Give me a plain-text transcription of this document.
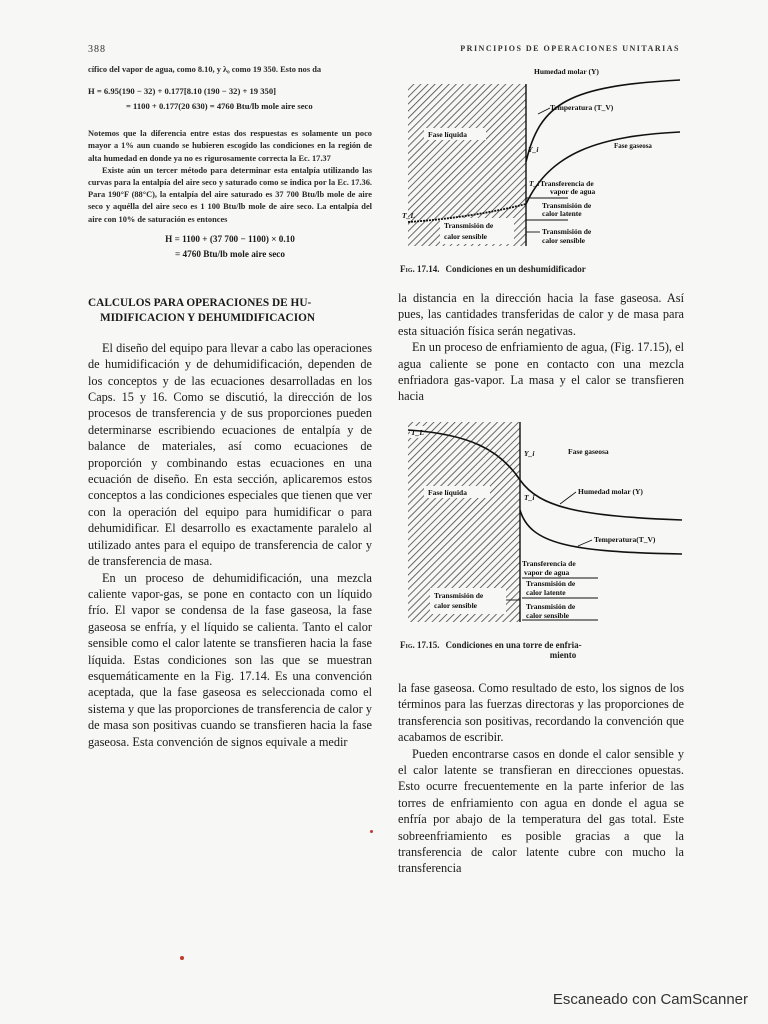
388	PRINCIPIOS DE OPERACIONES UNITARIAS

cífico del vapor de agua, como 8.10, y λ₀ como 19 350. Esto nos da

H = 6.95(190 − 32) + 0.177[8.10 (190 − 32) + 19 350]
= 1100 + 0.177(20 630) = 4760 Btu/lb mole aire seco

Notemos que la diferencia entre estas dos respuestas es solamente un poco mayor a 1% aun cuando se hubieren escogido las condiciones en la región de alta humedad en donde ya no es rigurosamente correcta la Ec. 17.37

Existe aún un tercer método para determinar esta entalpía utilizando las curvas para la entalpía del aire seco y saturado como se indica por la Ec. 17.36. Para 190°F (88°C), la entalpía del aire saturado es 37 700 Btu/lb mole de aire seco y aquélla del aire seco es 1 100 Btu/lb mole de aire seco. La entalpía del aire con 10% de saturación es entonces

H = 1100 + (37 700 − 1100) × 0.10
= 4760 Btu/lb mole aire seco
CALCULOS PARA OPERACIONES DE HU-
MIDIFICACION Y DEHUMIDIFICACION

El diseño del equipo para llevar a cabo las operaciones de humidificación y de dehumidificación, dependen de los conceptos y de las ecuaciones desarrolladas en los Caps. 15 y 16. Como se discutió, la dirección de los procesos de transferencia y de sus proporciones pueden determinarse escribiendo ecuaciones de entalpía y de balance de materiales, así como ecuaciones de proporción y combinando estas ecuaciones en una ecuación de diseño. En esta sección, aplicaremos estos conceptos a las condiciones especiales que tienen que ver con la operación del equipo para humidificar o para dehumidificar. El desarrollo es exactamente paralelo al utilizado antes para el equipo de transferencia de calor y de transferencia de masa.

En un proceso de dehumidificación, una mezcla caliente vapor-gas, se pone en contacto con un líquido frío. El vapor se condensa de la fase gaseosa, la fase gaseosa se enfría, y el líquido se calienta. Tanto el calor sensible como el calor latente se transfieren hacia la fase líquida. Estas condiciones son las que se muestran esquemáticamente en la Fig. 17.14. Es una convención aceptada, que la fase gaseosa es seleccionada como el sistema y que las proporciones de transferencia de calor y de masa son positivas cuando se transfieren hacia la fase gaseosa. Esta convención de signos equivale a medir

Fase líquida
Transmisión de
calor sensible
T_L
Humedad molar (Y)
Temperatura (T_V)
Fase gaseosa
Y_i
T_i Transferencia de
vapor de agua
Transmisión de
calor latente
Transmisión de
calor sensible
Fig. 17.14. Condiciones en un deshumidificador

la distancia en la dirección hacia la fase gaseosa. Así pues, las cantidades transferidas de calor y de masa para esta situación física serán negativas.

En un proceso de enfriamiento de agua, (Fig. 17.15), el agua caliente se pone en contacto con una mezcla enfriadora gas-vapor. La masa y el calor se transfieren hacia

T_L
Fase líquida
Transmisión de
calor sensible
Y_i	Fase gaseosa
T_i
Humedad molar (Y)
Temperatura(T_V)
Transferencia de
vapor de agua
Transmisión de
calor latente
Transmisión de
calor sensible
Fig. 17.15. Condiciones en una torre de enfria-
miento

la fase gaseosa. Como resultado de esto, los signos de los términos para las fuerzas directoras y las proporciones de transferencia son positivas, recordando la convención que acabamos de escribir.

Pueden encontrarse casos en donde el calor sensible y el calor latente se transfieran en direcciones opuestas. Esto ocurre frecuentemente en la parte inferior de las torres de enfriamiento con agua en donde el agua se enfría por abajo de la temperatura del gas total. Este sobreenfriamiento es posible gracias a que la transferencia de calor latente cubre con mucho la transferencia

Escaneado con CamScanner
